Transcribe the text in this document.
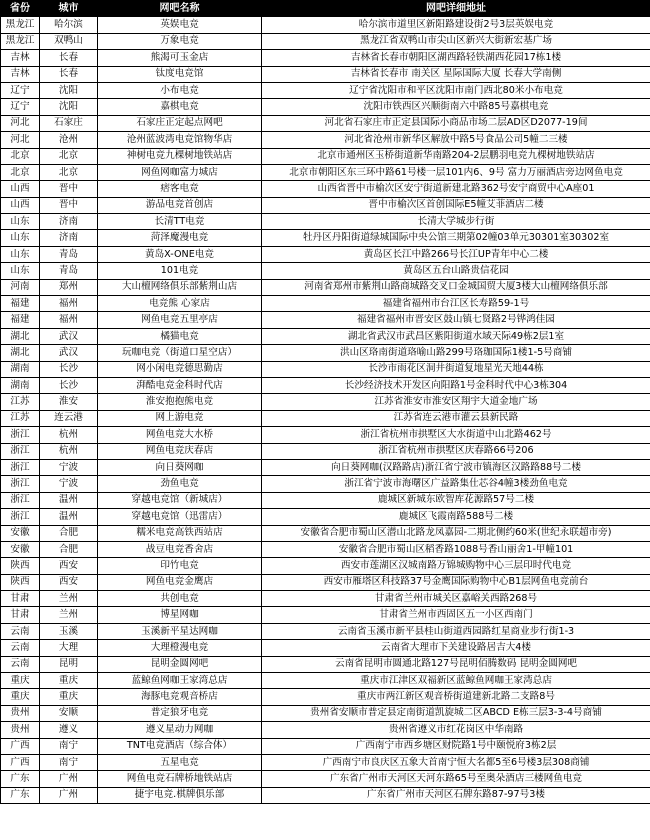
省份	城市	网吧名称	网吧详细地址
黑龙江	哈尔滨	英娱电竞	哈尔滨市道里区新阳路建设街2号3层英娱电竞
黑龙江	双鸭山	万象电竞	黑龙江省双鸭山市尖山区新兴大街新宏基广场
吉林	长春	熊渴可玉金店	吉林省长春市朝阳区湖西路轻铁湖西花园17栋1楼
吉林	长春	钛度电竞馆	吉林省长春市 南关区 星际国际大厦 长春大学南侧
辽宁	沈阳	小布电竞	辽宁省沈阳市和平区沈阳市南门西北80米小布电竞
辽宁	沈阳	嘉棋电竞	沈阳市铁西区兴顺街南六中路85号嘉棋电竞
河北	石家庄	石家庄正定起点网吧	河北省石家庄市正定县国际小商品市场二层AD区D2077-19间
河北	沧州	沧州蓝波湾电竞馆物华店	河北省沧州市新华区解放中路5号食品公司5幢二三楼
北京	北京	神树电竞九棵树地铁站店	北京市通州区玉桥街道新华南路204-2层鹏羽电竞九棵树地铁站店
北京	北京	网鱼网咖富力城店	北京市朝阳区东三环中路61号楼一层101内6、9号 富力万丽酒店旁边网鱼电竞
山西	晋中	痞客电竞	山西省晋中市榆次区安宁街道新建北路362号安宁商贸中心A座01
山西	晋中	游品电竞首创店	晋中市榆次区首创国际E5幢艾菲酒店二楼
山东	济南	长清TT电竞	长清大学城步行街
山东	济南	菏泽魔漫电竞	牡丹区丹阳街道绿城国际中央公馆三期第02幢03单元30301室30302室
山东	青岛	黄岛X-ONE电竞	黄岛区长江中路266号长江UP青年中心二楼
山东	青岛	101电竞	黄岛区五台山路贵信花园
河南	郑州	大山檀网络俱乐部紫荆山店	河南省郑州市紫荆山路商城路交叉口金城国贸大厦3楼大山檀网络俱乐部
福建	福州	电竞熊 心家店	福建省福州市台江区长寿路59-1号
福建	福州	网鱼电竞五里亭店	福建省福州市晋安区鼓山镇七贤路2号铧鸿佳园
湖北	武汉	橘猫电竞	湖北省武汉市武昌区紫阳街道水域天际49栋2层1室
湖北	武汉	玩咖电竞（街道口星空店）	洪山区珞南街道珞喻山路299号珞珈国际1楼1-5号商铺
湖南	长沙	网小闲电竞德思勤店	长沙市雨花区洞井街道复地星光天地44栋
湖南	长沙	湃酷电竞金科时代店	长沙经济技术开发区向阳路1号金科时代中心3栋304
江苏	淮安	淮安抱抱熊电竞	江苏省淮安市淮安区翔宇大道金地广场
江苏	连云港	网上游电竞	江苏省连云港市灌云县新民路
浙江	杭州	网鱼电竞大水桥	浙江省杭州市拱墅区大水街道中山北路462号
浙江	杭州	网鱼电竞庆春店	浙江省杭州市拱墅区庆春路66号206
浙江	宁波	向日葵网咖	向日葵网咖(汉路路店)浙江省宁波市镇海区汉路路88号二楼
浙江	宁波	劲鱼电竞	浙江省宁波市海曙区广益路集仕芯谷4幢3楼劲鱼电竞
浙江	温州	穿越电竞馆（新城店）	鹿城区新城东欧智库花源路57号二楼
浙江	温州	穿越电竞馆（迅雷店）	鹿城区飞霞南路588号二楼
安徽	合肥	糯米电竞高铁西站店	安徽省合肥市蜀山区潜山北路龙凤嘉园-二期北侧约60米(世纪永联超市旁)
安徽	合肥	战豆电竞香舍店	安徽省合肥市蜀山区稻香路1088号香山丽舍1-甲幢101
陕西	西安	印竹电竞	西安市莲湖区汉城南路万锦城购物中心三层印时代电竞
陕西	西安	网鱼电竞金鹰店	西安市雁塔区科技路37号金鹰国际购物中心B1层网鱼电竞前台
甘肃	兰州	共创电竞	甘肃省兰州市城关区嘉峪关西路268号
甘肃	兰州	博星网咖	甘肃省兰州市西固区五一小区西南门
云南	玉溪	玉溪新平星达网咖	云南省玉溪市新平县桂山街道西园路红星商业步行街1-3
云南	大理	大理橙漫电竞	云南省大理市下关建设路居吉大4楼
云南	昆明	昆明金圆网吧	云南省昆明市圆通北路127号昆明佰腾数码 昆明金圆网吧
重庆	重庆	蓝鲸鱼网咖王家湾总店	重庆市江津区双福新区蓝鲸鱼网咖王家湾总店
重庆	重庆	海豚电竞观音桥店	重庆市两江新区观音桥街道建新北路二支路8号
贵州	安顺	普定狼牙电竞	贵州省安顺市普定县定南街道凯旋城二区ABCD E栋三层3-3-4号商铺
贵州	遵义	遵义星动力网咖	贵州省遵义市红花岗区中华南路
广西	南宁	TNT电竞酒店（综合体）	广西南宁市西乡塘区财院路1号中颐悦府3栋2层
广西	南宁	五星电竞	广西南宁市良庆区五象大首南宁恒大名都5至6号楼3层308商铺
广东	广州	网鱼电竞石牌桥地铁站店	广东省广州市天河区天河东路65号至奥朵酒店三楼网鱼电竞
广东	广州	捷宇电竞.棋牌俱乐部	广东省广州市天河区石牌东路87-97号3楼
